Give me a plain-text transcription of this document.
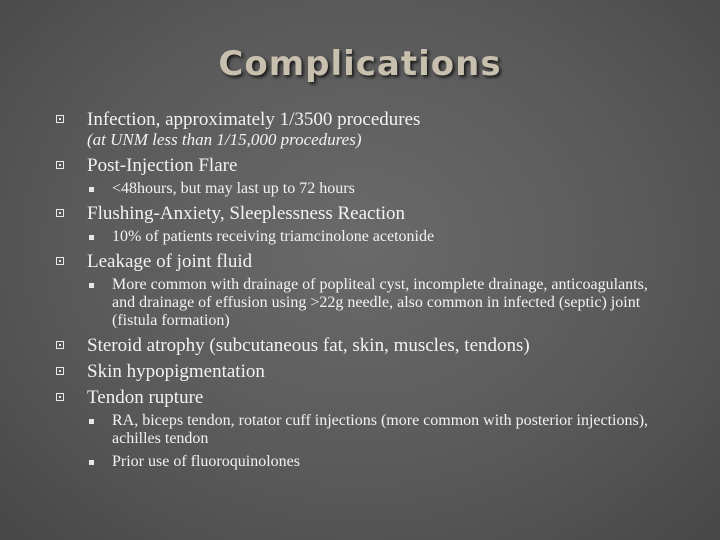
Complications
Infection, approximately 1/3500 procedures
(at UNM less than 1/15,000 procedures)
Post-Injection Flare
<48hours, but may last up to 72 hours
Flushing-Anxiety, Sleeplessness Reaction
10% of patients receiving triamcinolone acetonide
Leakage of joint fluid
More common with drainage of popliteal cyst, incomplete drainage, anticoagulants, and drainage of effusion using >22g needle, also common in infected (septic) joint (fistula formation)
Steroid atrophy (subcutaneous fat, skin, muscles, tendons)
Skin hypopigmentation
Tendon rupture
RA, biceps tendon, rotator cuff injections (more common with posterior injections), achilles tendon
Prior use of fluoroquinolones
